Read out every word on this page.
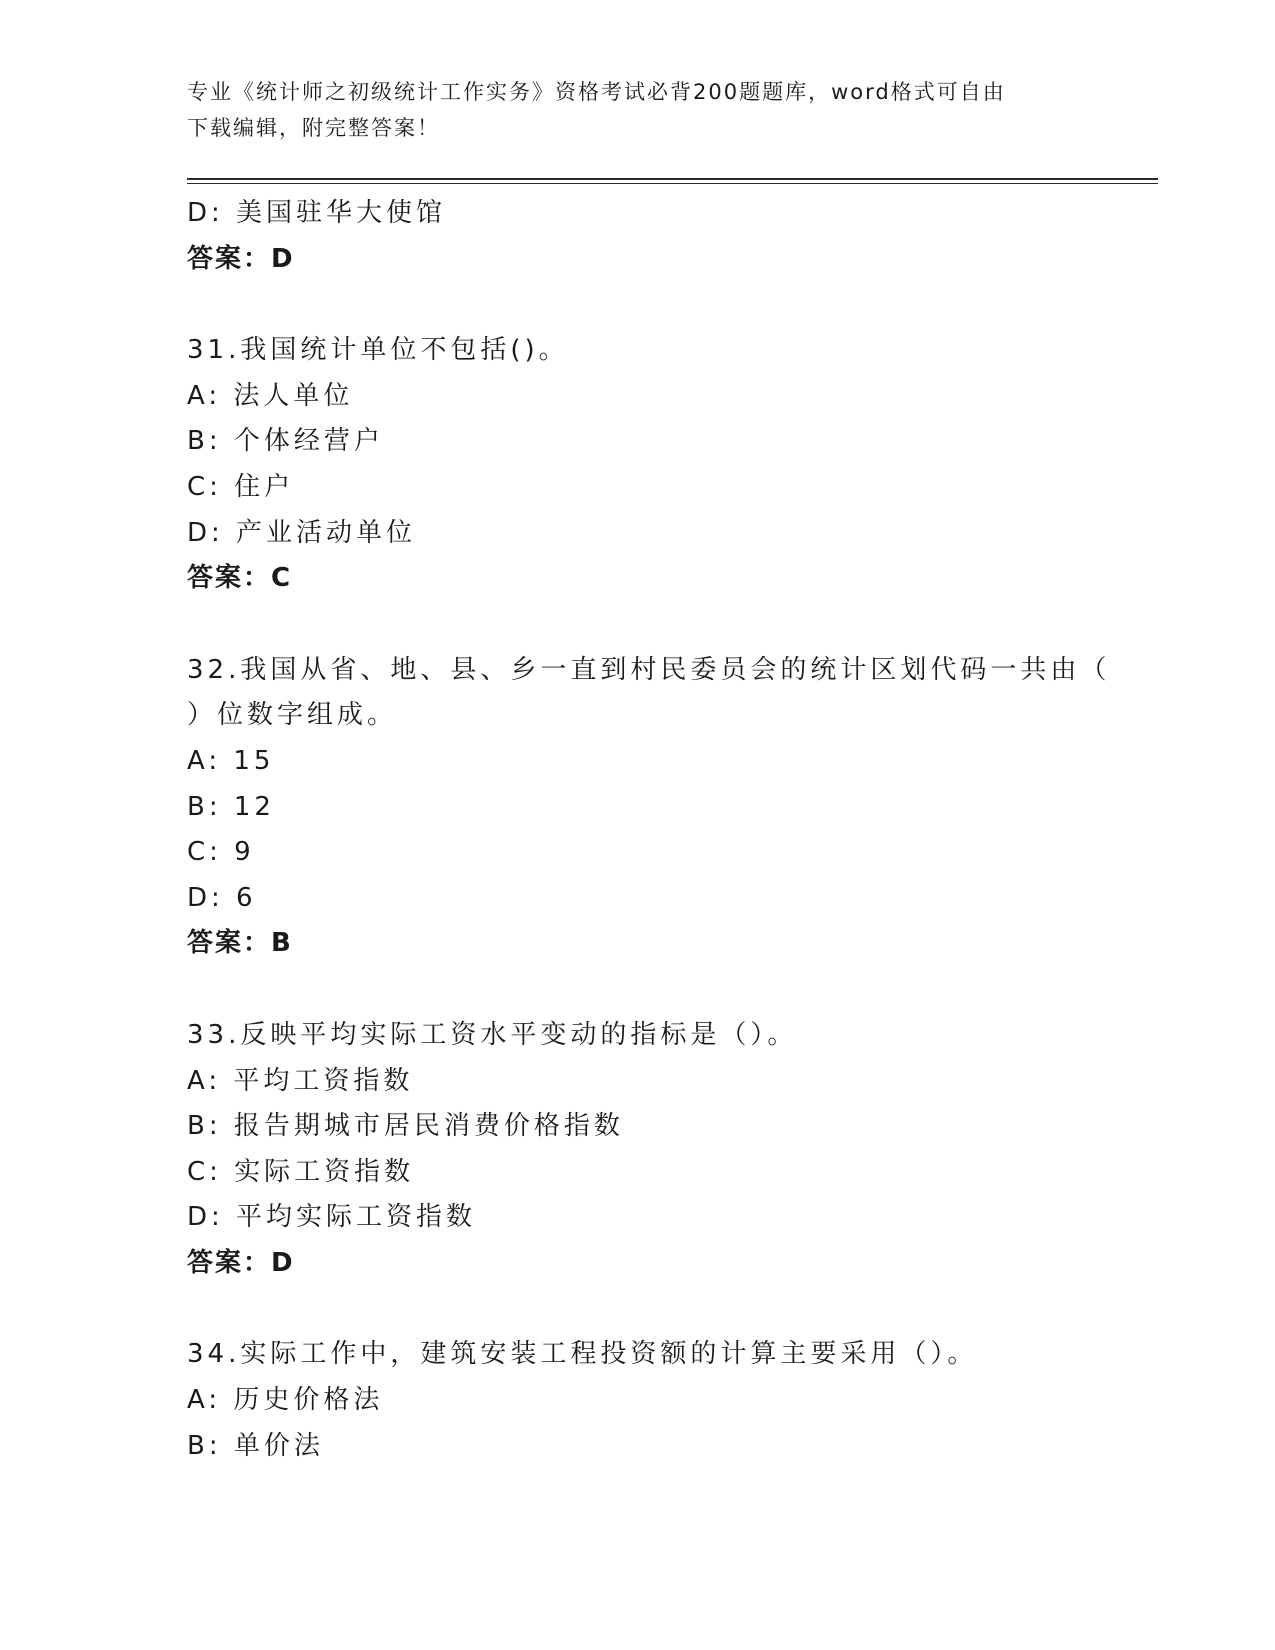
专业《统计师之初级统计工作实务》资格考试必背200题题库，word格式可自由
下载编辑，附完整答案！
D: 美国驻华大使馆
答案：D
31.我国统计单位不包括()。
A: 法人单位
B: 个体经营户
C: 住户
D: 产业活动单位
答案：C
32.我国从省、地、县、乡一直到村民委员会的统计区划代码一共由（
）位数字组成。
A: 15
B: 12
C: 9
D: 6
答案：B
33.反映平均实际工资水平变动的指标是（）。
A: 平均工资指数
B: 报告期城市居民消费价格指数
C: 实际工资指数
D: 平均实际工资指数
答案：D
34.实际工作中，建筑安装工程投资额的计算主要采用（）。
A: 历史价格法
B: 单价法
